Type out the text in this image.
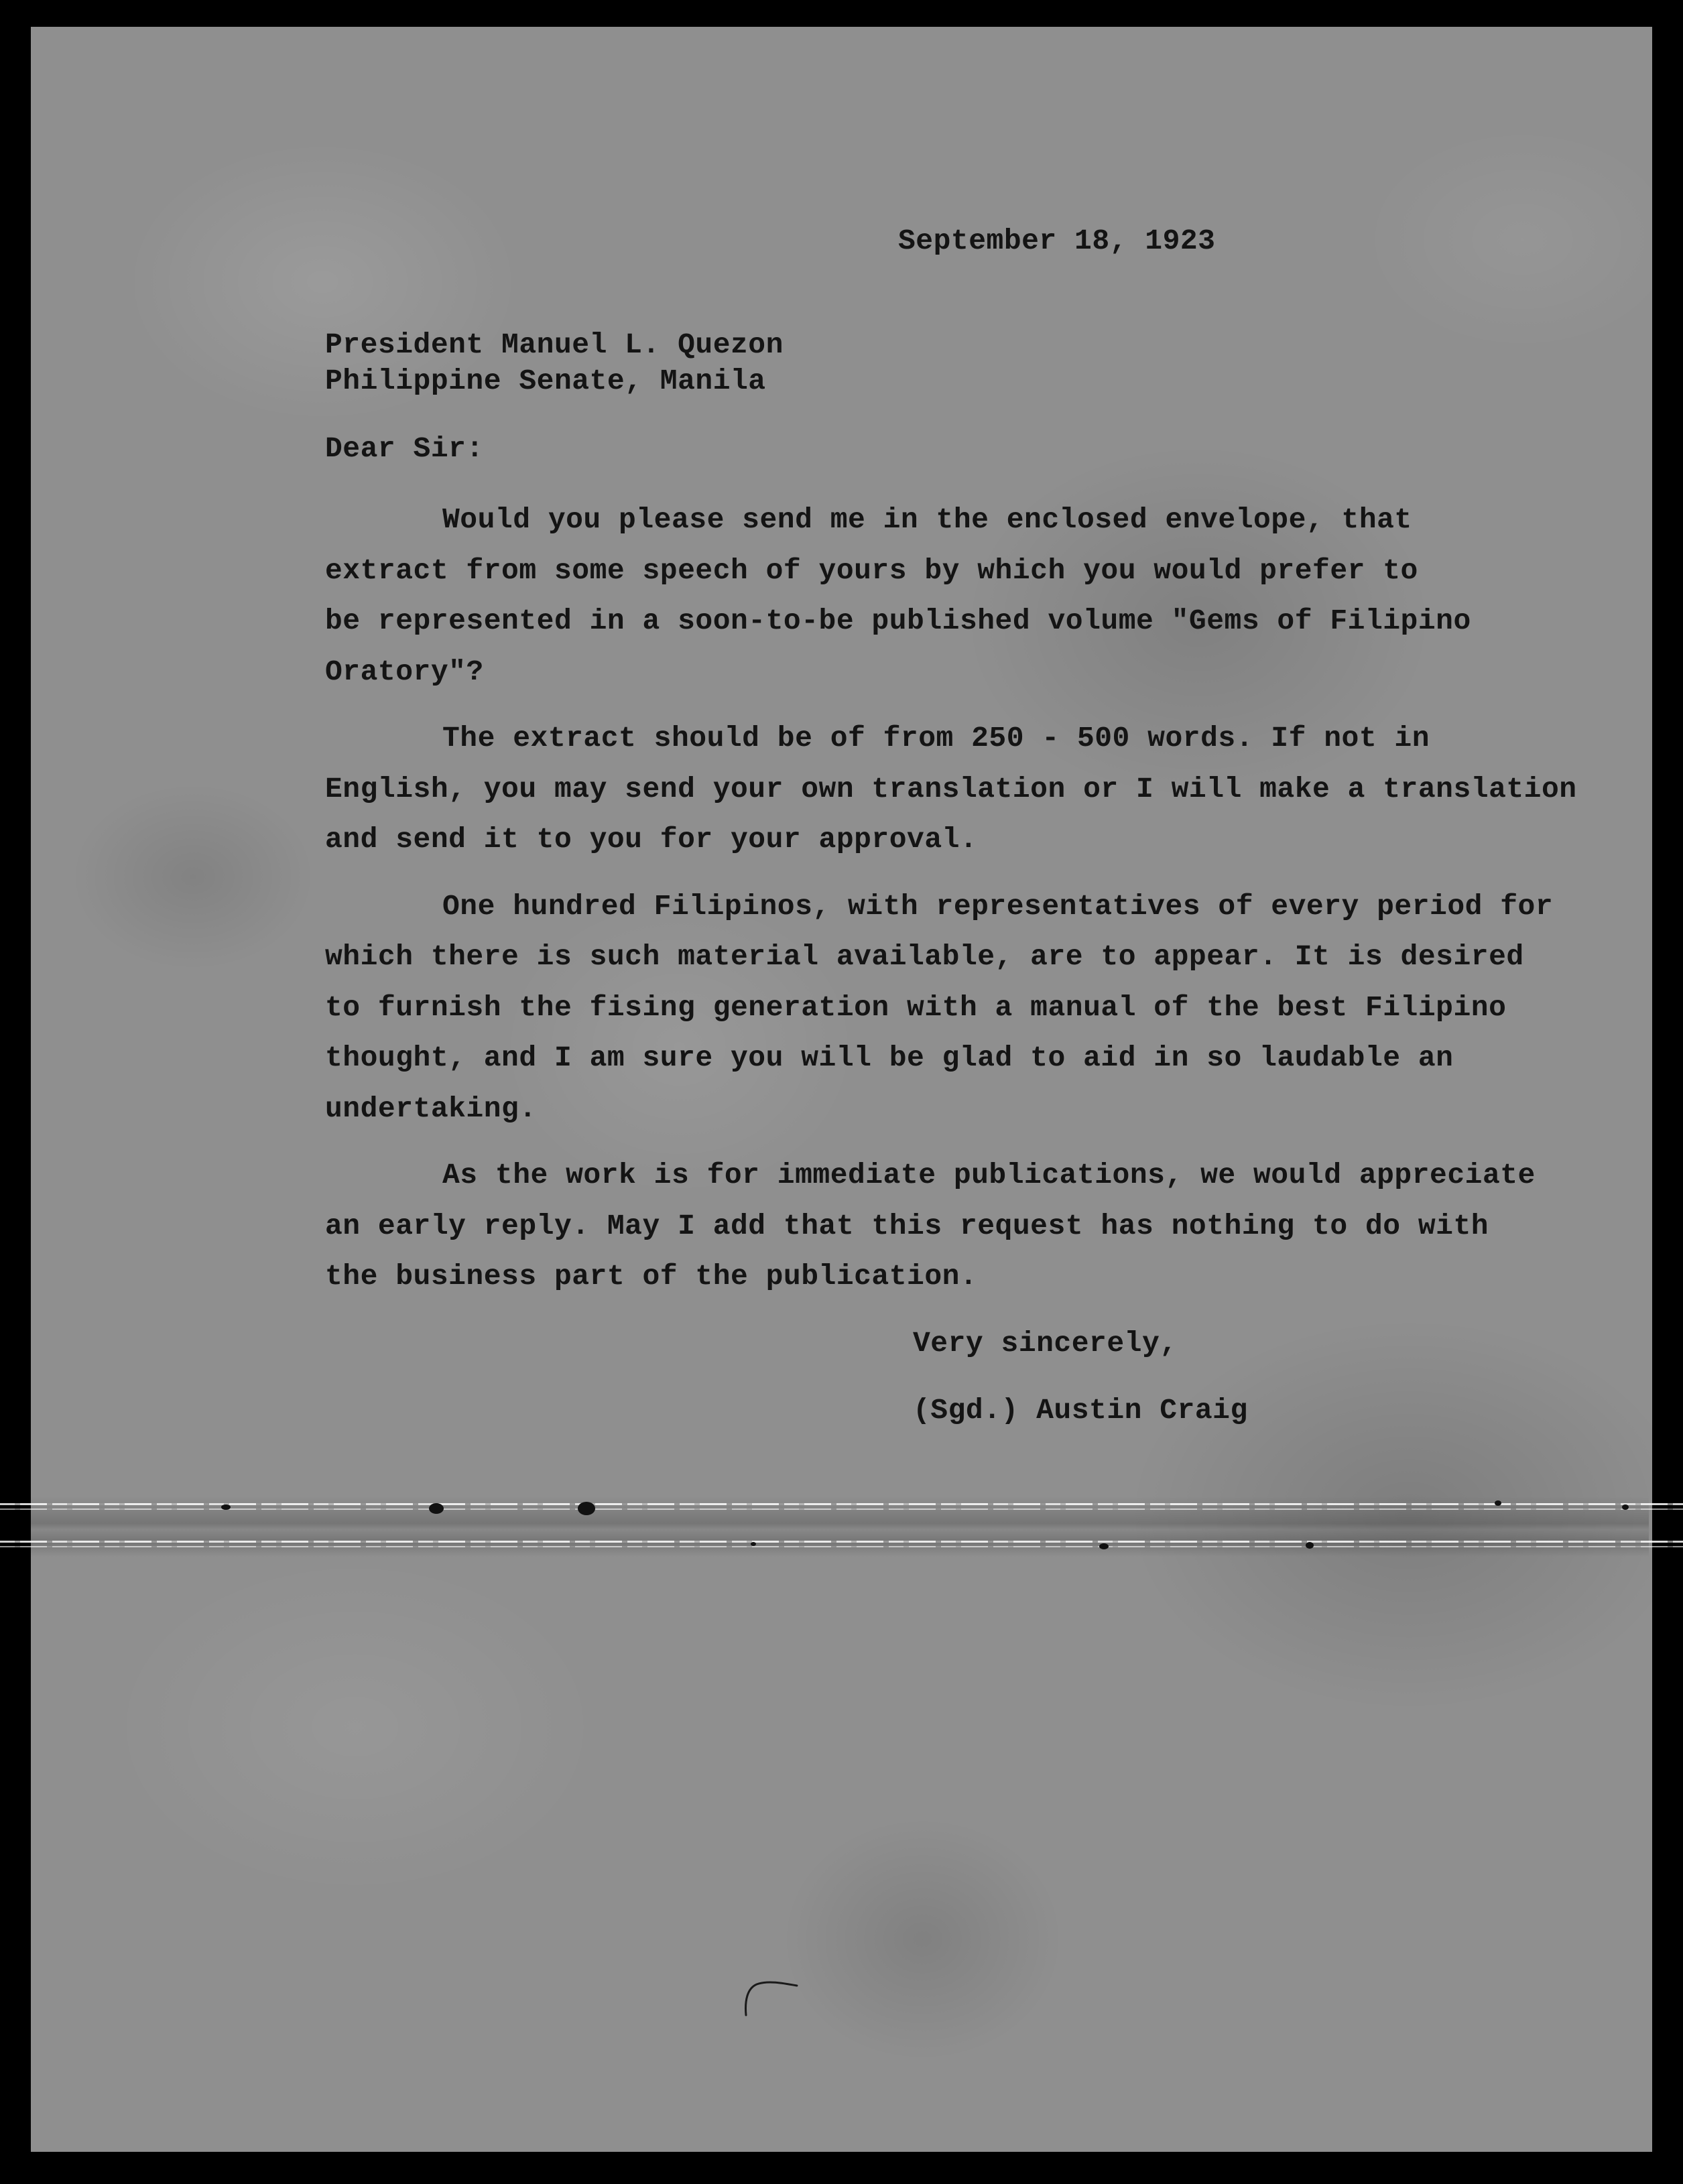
September 18, 1923
President Manuel L. Quezon
Philippine Senate, Manila
Dear Sir:
Would you please send me in the enclosed envelope, that
extract from some speech of yours by which you would prefer to
be represented in a soon-to-be published volume "Gems of Filipino
Oratory"?
The extract should be of from 250 - 500 words. If not in
English, you may send your own translation or I will make a translation
and send it to you for your approval.
One hundred Filipinos, with representatives of every period for
which there is such material available, are to appear. It is desired
to furnish the fising generation with a manual of the best Filipino
thought, and I am sure you will be glad to aid in so laudable an
undertaking.
As the work is for immediate publications, we would appreciate
an early reply. May I add that this request has nothing to do with
the business part of the publication.
Very sincerely,
(Sgd.) Austin Craig
